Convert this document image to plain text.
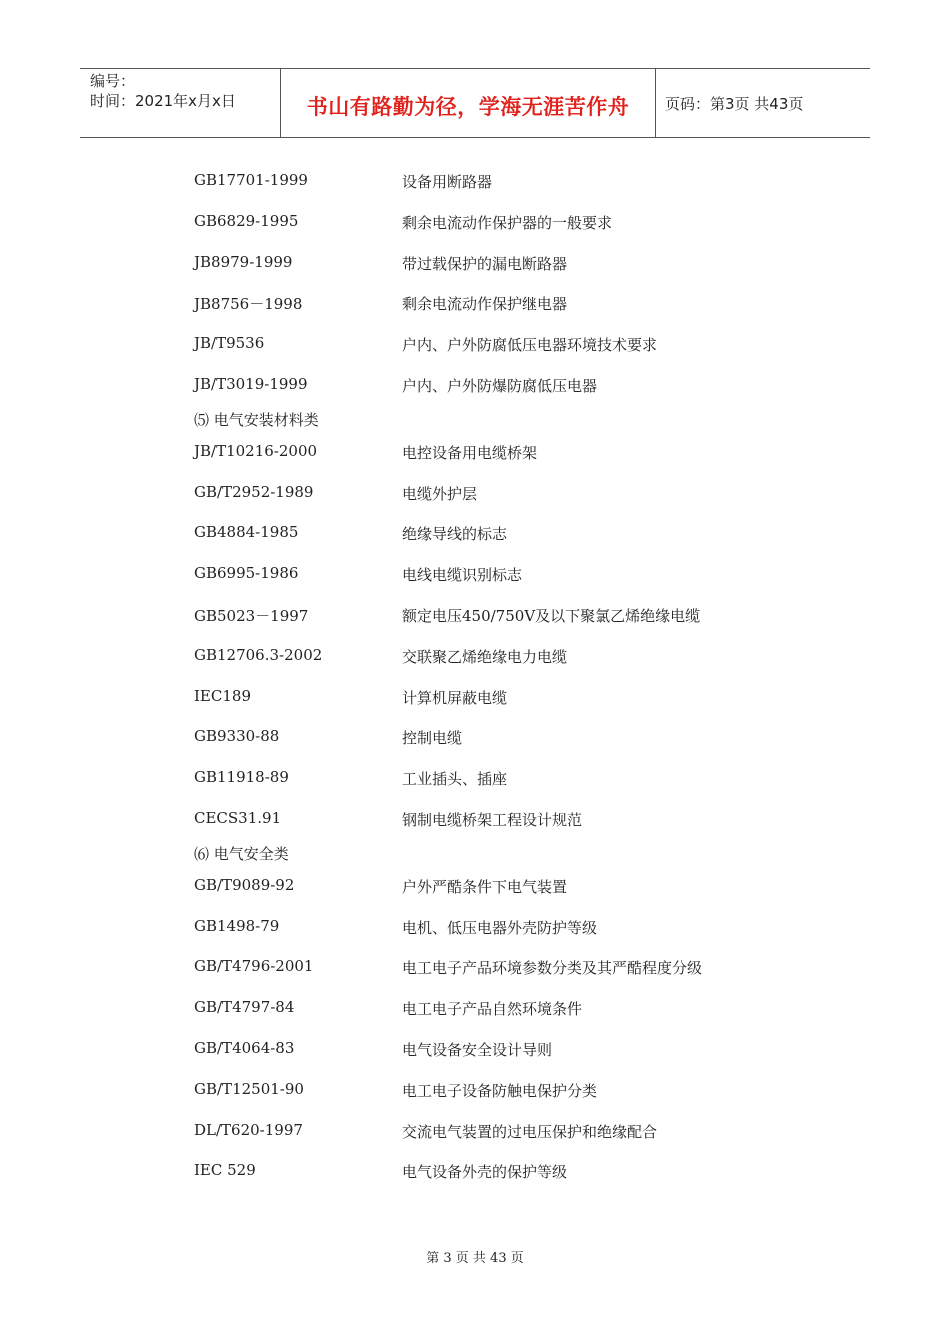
编号：
时间：2021年x月x日	书山有路勤为径，学海无涯苦作舟	页码：第3页 共43页
GB17701-1999	设备用断路器
GB6829-1995	剩余电流动作保护器的一般要求
JB8979-1999	带过载保护的漏电断路器
JB8756－1998	剩余电流动作保护继电器
JB/T9536	户内、户外防腐低压电器环境技术要求
JB/T3019-1999	户内、户外防爆防腐低压电器
⑸ 电气安装材料类
JB/T10216-2000	电控设备用电缆桥架
GB/T2952-1989	电缆外护层
GB4884-1985	绝缘导线的标志
GB6995-1986	电线电缆识别标志
GB5023－1997	额定电压450/750V及以下聚氯乙烯绝缘电缆
GB12706.3-2002	交联聚乙烯绝缘电力电缆
IEC189	计算机屏蔽电缆
GB9330-88	控制电缆
GB11918-89	工业插头、插座
CECS31.91	钢制电缆桥架工程设计规范
⑹ 电气安全类
GB/T9089-92	户外严酷条件下电气装置
GB1498-79	电机、低压电器外壳防护等级
GB/T4796-2001	电工电子产品环境参数分类及其严酷程度分级
GB/T4797-84	电工电子产品自然环境条件
GB/T4064-83	电气设备安全设计导则
GB/T12501-90	电工电子设备防触电保护分类
DL/T620-1997	交流电气装置的过电压保护和绝缘配合
IEC 529	电气设备外壳的保护等级
第 3 页 共 43 页
